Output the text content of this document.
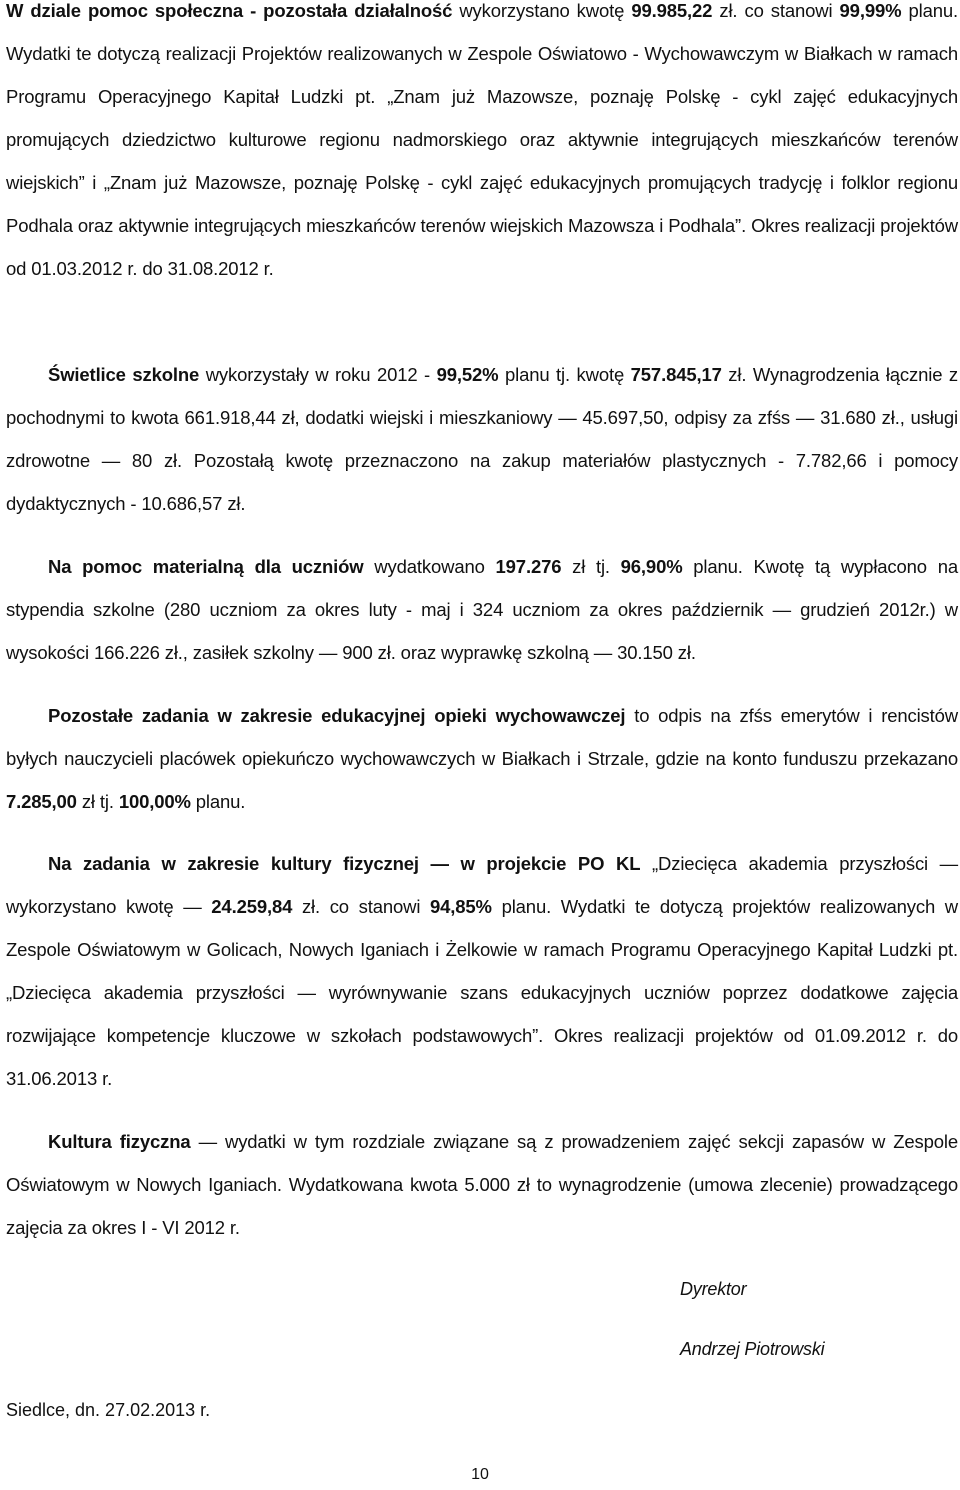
W dziale pomoc społeczna - pozostała działalność wykorzystano kwotę 99.985,22 zł. co stanowi 99,99% planu. Wydatki te dotyczą realizacji Projektów realizowanych w Zespole Oświatowo - Wychowawczym w Białkach w ramach Programu Operacyjnego Kapitał Ludzki pt. „Znam już Mazowsze, poznaję Polskę - cykl zajęć edukacyjnych promujących dziedzictwo kulturowe regionu nadmorskiego oraz aktywnie integrujących mieszkańców terenów wiejskich” i „Znam już Mazowsze, poznaję Polskę - cykl zajęć edukacyjnych promujących tradycję i folklor regionu Podhala oraz aktywnie integrujących mieszkańców terenów wiejskich Mazowsza i Podhala”. Okres realizacji projektów od 01.03.2012 r. do 31.08.2012 r.

Świetlice szkolne wykorzystały w roku 2012 - 99,52% planu tj. kwotę 757.845,17 zł. Wynagrodzenia łącznie z pochodnymi to kwota 661.918,44 zł, dodatki wiejski i mieszkaniowy — 45.697,50, odpisy za zfśs — 31.680 zł., usługi zdrowotne — 80 zł. Pozostałą kwotę przeznaczono na zakup materiałów plastycznych - 7.782,66 i pomocy dydaktycznych - 10.686,57 zł.

Na pomoc materialną dla uczniów wydatkowano 197.276 zł tj. 96,90% planu. Kwotę tą wypłacono na stypendia szkolne (280 uczniom za okres luty - maj i 324 uczniom za okres październik — grudzień 2012r.) w wysokości 166.226 zł., zasiłek szkolny — 900 zł. oraz wyprawkę szkolną — 30.150 zł.

Pozostałe zadania w zakresie edukacyjnej opieki wychowawczej to odpis na zfśs emerytów i rencistów byłych nauczycieli placówek opiekuńczo wychowawczych w Białkach i Strzale, gdzie na konto funduszu przekazano 7.285,00 zł tj. 100,00% planu.

Na zadania w zakresie kultury fizycznej — w projekcie PO KL „Dziecięca akademia przyszłości — wykorzystano kwotę — 24.259,84 zł. co stanowi 94,85% planu. Wydatki te dotyczą projektów realizowanych w Zespole Oświatowym w Golicach, Nowych Iganiach i Żelkowie w ramach Programu Operacyjnego Kapitał Ludzki pt. „Dziecięca akademia przyszłości — wyrównywanie szans edukacyjnych uczniów poprzez dodatkowe zajęcia rozwijające kompetencje kluczowe w szkołach podstawowych”. Okres realizacji projektów od 01.09.2012 r. do 31.06.2013 r.

Kultura fizyczna — wydatki w tym rozdziale związane są z prowadzeniem zajęć sekcji zapasów w Zespole Oświatowym w Nowych Iganiach. Wydatkowana kwota 5.000 zł to wynagrodzenie (umowa zlecenie) prowadzącego zajęcia za okres I - VI 2012 r.

Dyrektor
Andrzej Piotrowski
Siedlce, dn. 27.02.2013 r.
10
